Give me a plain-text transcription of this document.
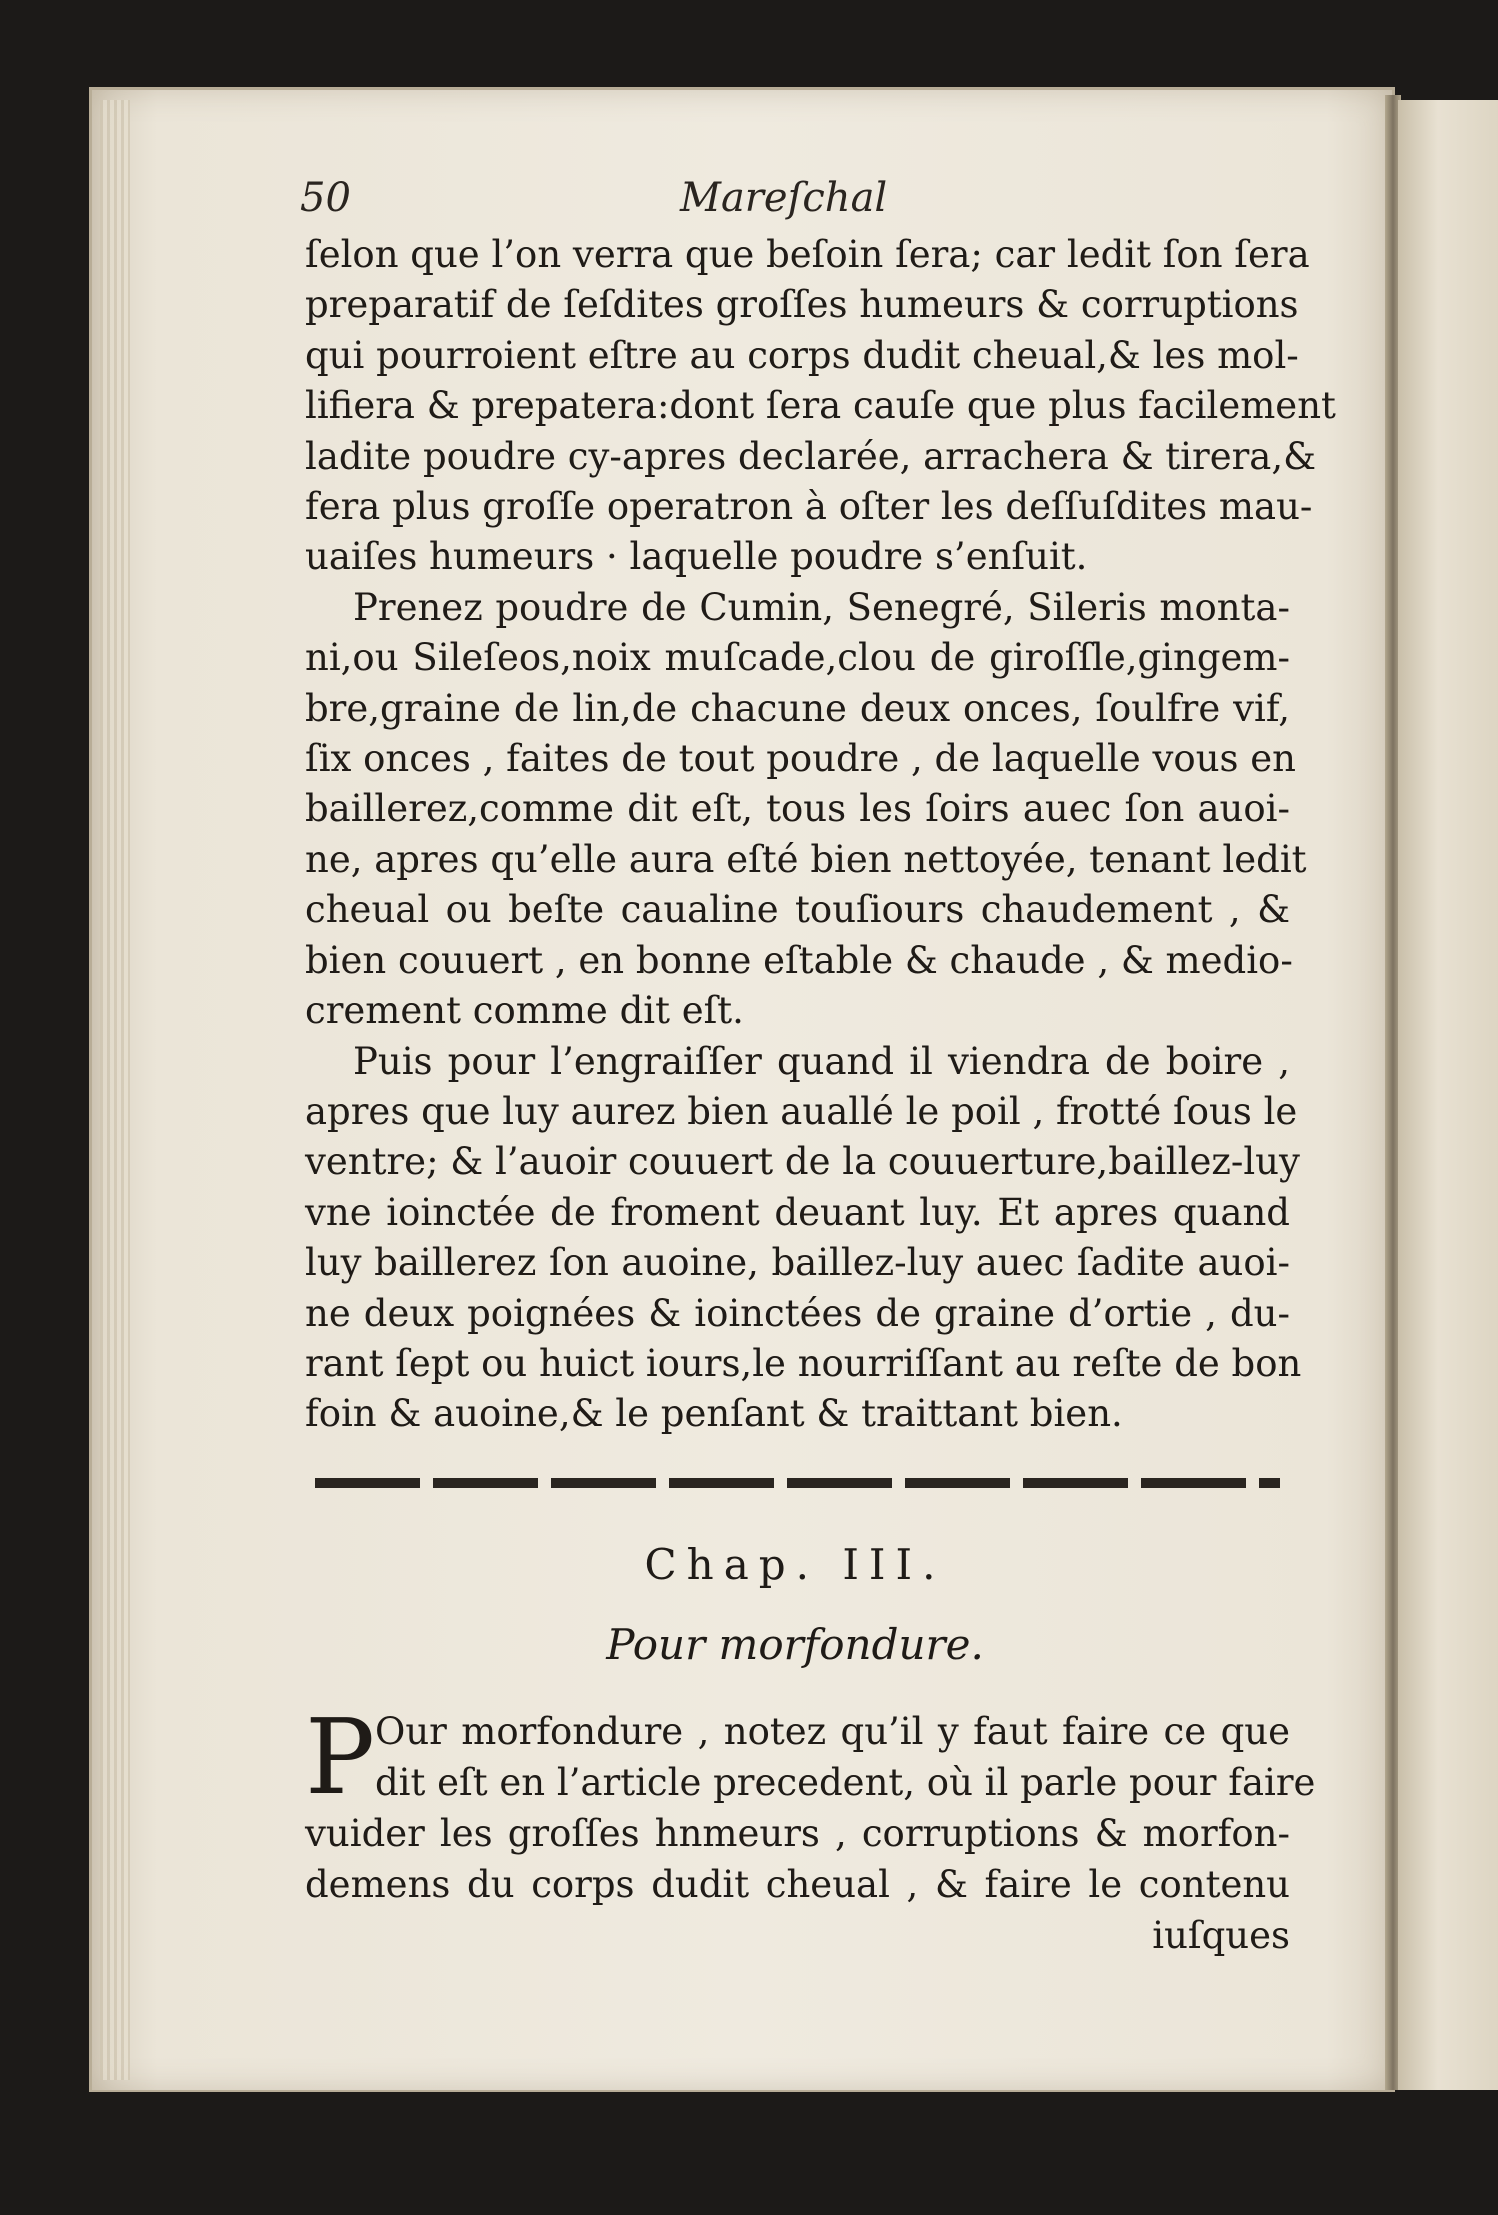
50	Mareſchal
ſelon que l’on verra que beſoin ſera; car ledit ſon ſera
preparatif de ſeſdites groſſes humeurs & corruptions
qui pourroient eſtre au corps dudit cheual,& les mol-
lifiera & prepatera:dont ſera cauſe que plus facilement
ladite poudre cy-apres declarée, arrachera & tirera,&
fera plus groſſe operatron à oſter les deſſuſdites mau-
uaiſes humeurs · laquelle poudre s’enſuit.
Prenez poudre de Cumin, Senegré, Sileris monta-
ni,ou Sileſeos,noix muſcade,clou de giroſſle,gingem-
bre,graine de lin,de chacune deux onces, ſoulfre vif,
ſix onces , faites de tout poudre , de laquelle vous en
baillerez,comme dit eſt, tous les ſoirs auec ſon auoi-
ne, apres qu’elle aura eſté bien nettoyée, tenant ledit
cheual ou beſte caualine touſiours chaudement , &
bien couuert , en bonne eſtable & chaude , & medio-
crement comme dit eſt.
Puis pour l’engraiſſer quand il viendra de boire ,
apres que luy aurez bien auallé le poil , frotté ſous le
ventre; & l’auoir couuert de la couuerture,baillez-luy
vne ioinctée de froment deuant luy. Et apres quand
luy baillerez ſon auoine, baillez-luy auec ſadite auoi-
ne deux poignées & ioinctées de graine d’ortie , du-
rant ſept ou huict iours,le nourriſſant au reſte de bon
foin & auoine,& le penſant & traittant bien.
Chap. III.
Pour morfondure.
P Our morfondure , notez qu’il y faut faire ce que
dit eſt en l’article precedent, où il parle pour faire
vuider les groſſes hnmeurs , corruptions & morfon-
demens du corps dudit cheual , & faire le contenu
iuſques
